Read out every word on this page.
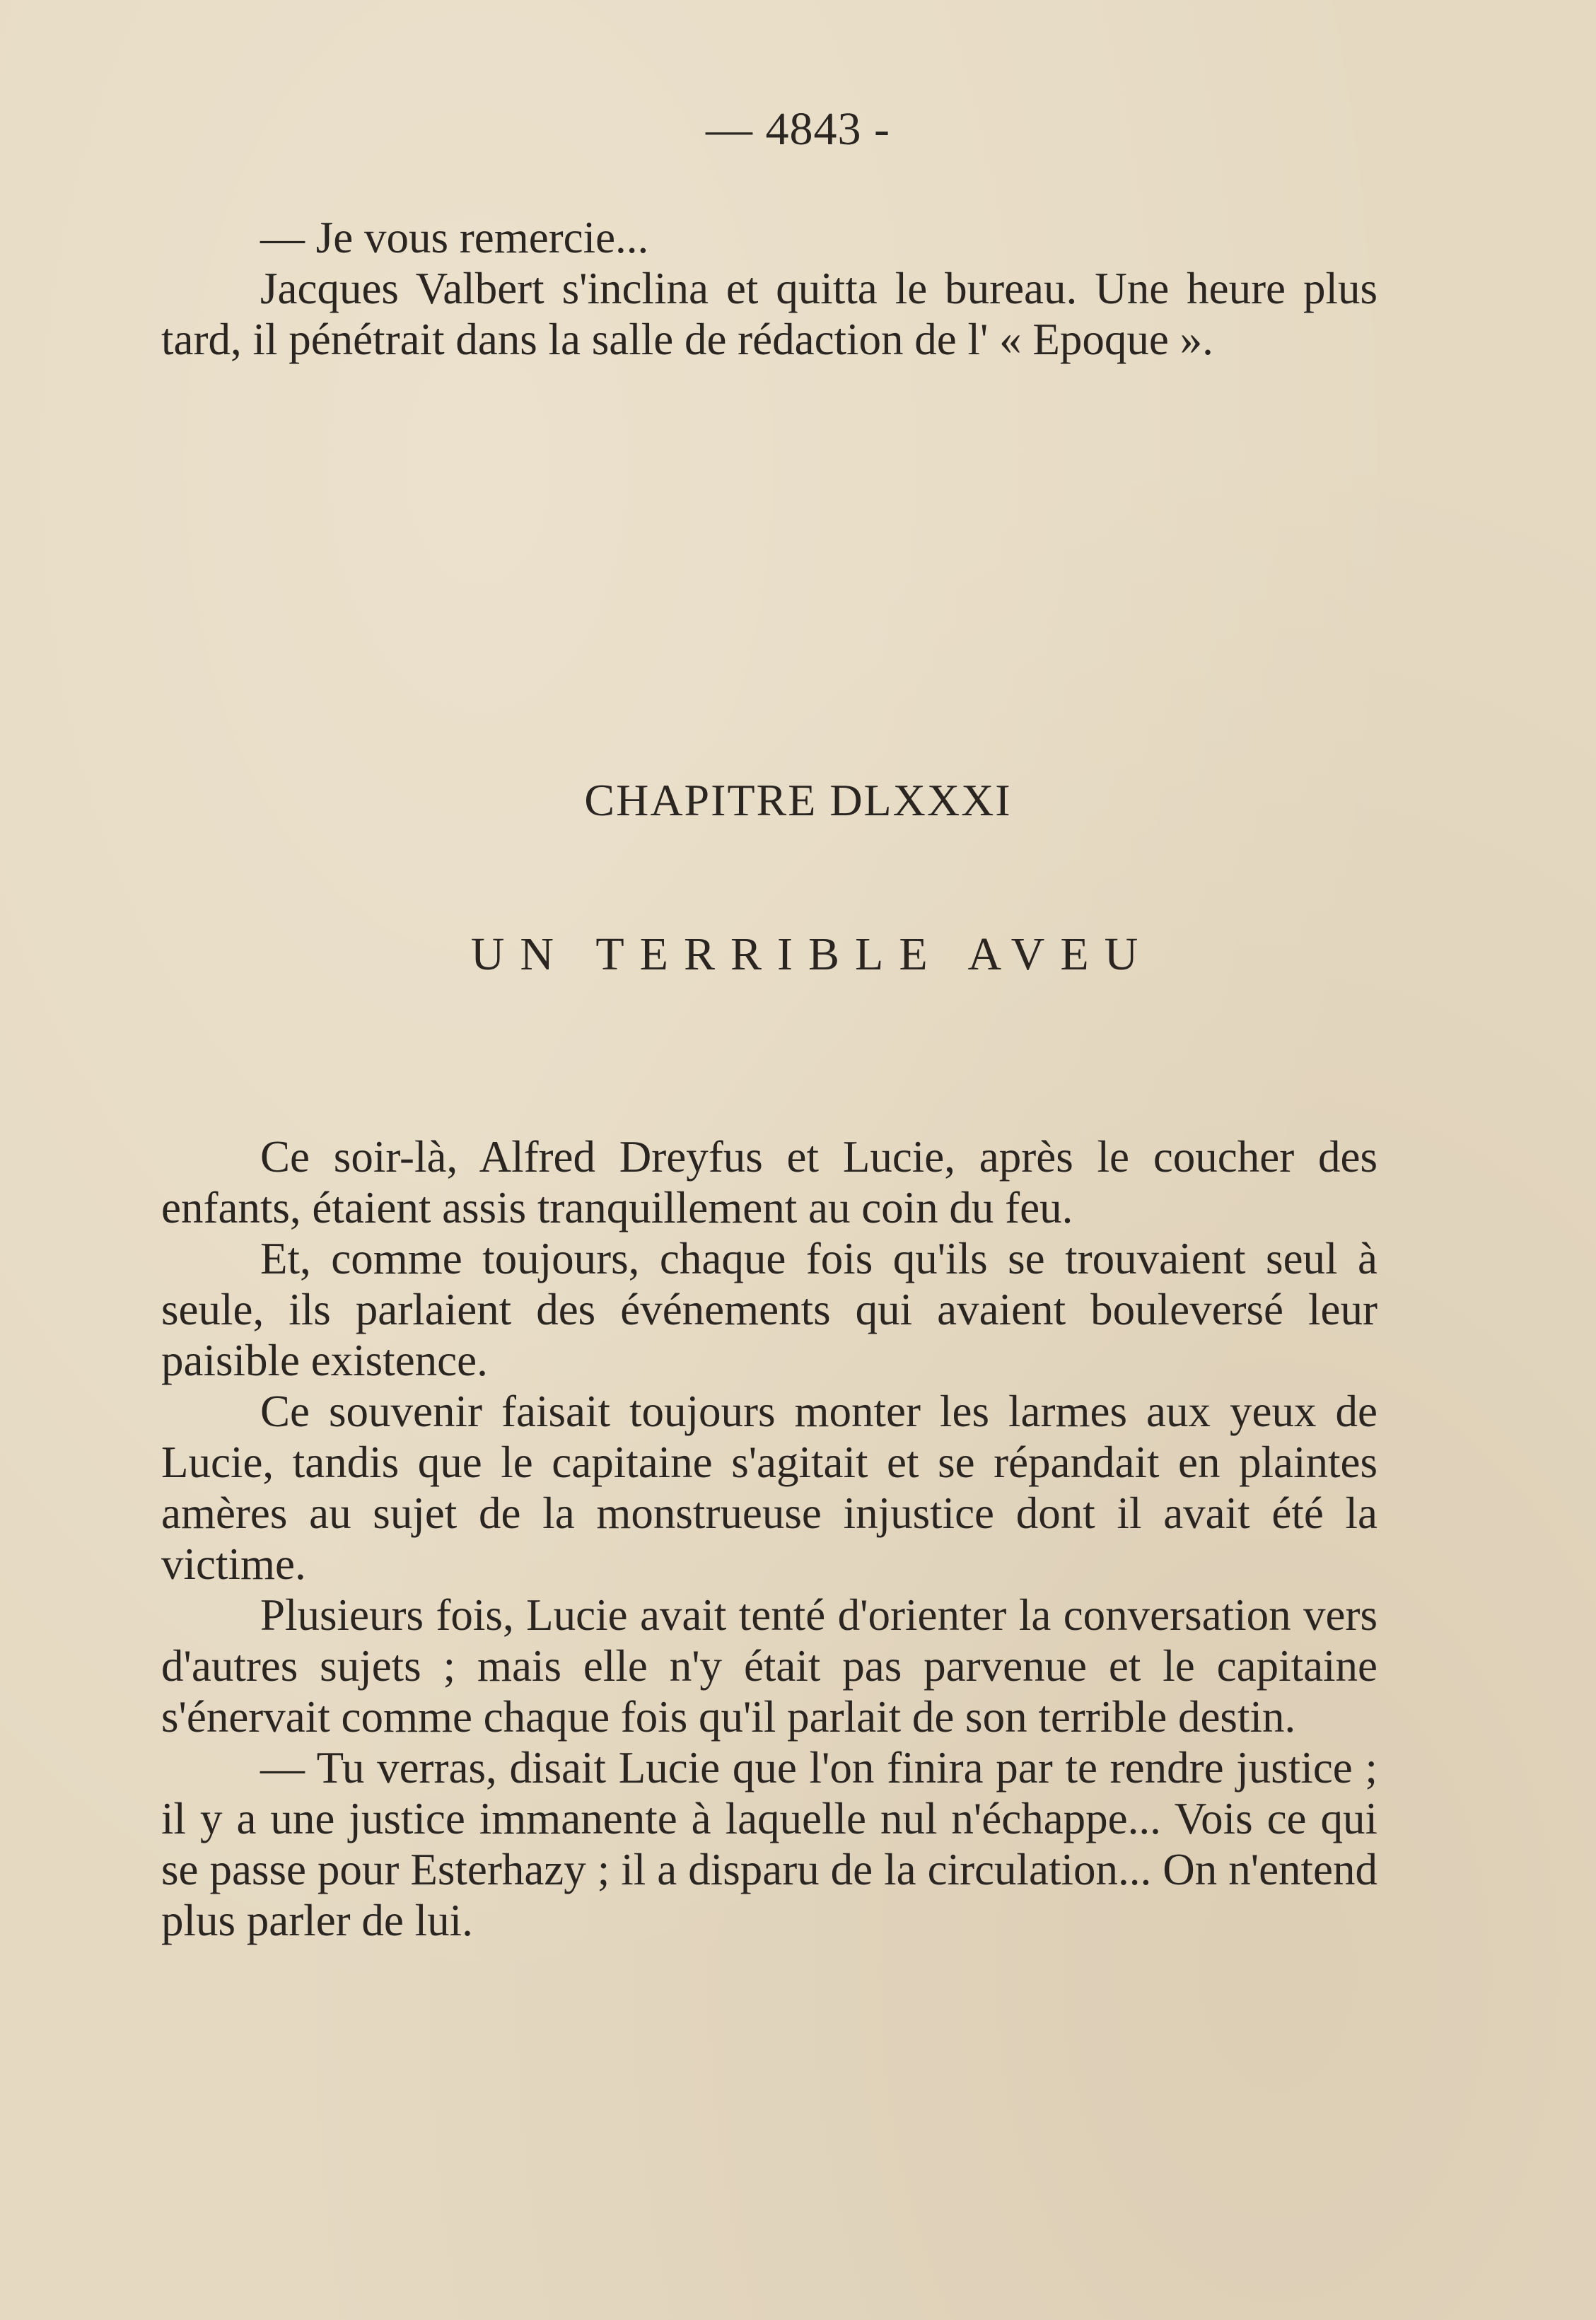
— 4843 -

— Je vous remercie...

Jacques Valbert s'inclina et quitta le bureau. Une heure plus tard, il pénétrait dans la salle de rédaction de l' « Epoque ».

CHAPITRE DLXXXI
UN TERRIBLE AVEU

Ce soir-là, Alfred Dreyfus et Lucie, après le coucher des enfants, étaient assis tranquillement au coin du feu.

Et, comme toujours, chaque fois qu'ils se trouvaient seul à seule, ils parlaient des événements qui avaient bouleversé leur paisible existence.

Ce souvenir faisait toujours monter les larmes aux yeux de Lucie, tandis que le capitaine s'agitait et se répandait en plaintes amères au sujet de la monstrueuse injustice dont il avait été la victime.

Plusieurs fois, Lucie avait tenté d'orienter la conversation vers d'autres sujets ; mais elle n'y était pas parvenue et le capitaine s'énervait comme chaque fois qu'il parlait de son terrible destin.

— Tu verras, disait Lucie que l'on finira par te rendre justice ; il y a une justice immanente à laquelle nul n'échappe... Vois ce qui se passe pour Esterhazy ; il a disparu de la circulation... On n'entend plus parler de lui.
